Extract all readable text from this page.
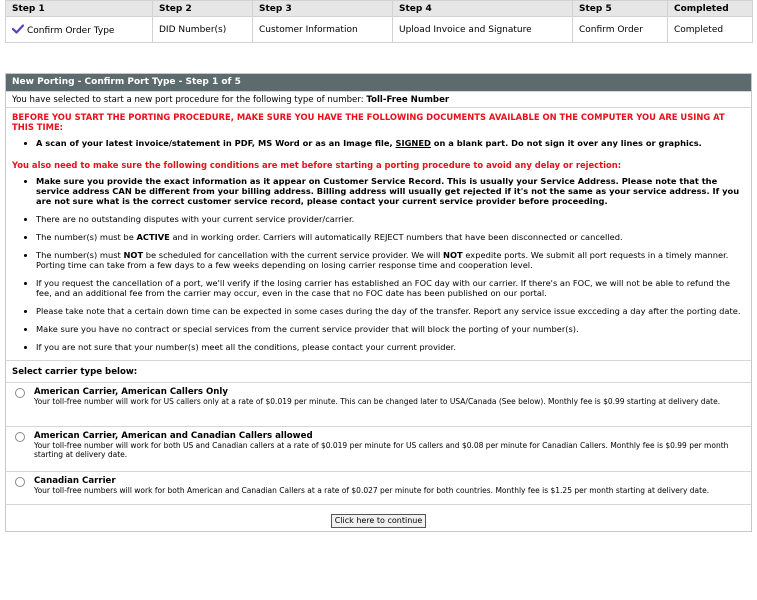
Step 1	Step 2	Step 3	Step 4	Step 5	Completed
Confirm Order Type	DID Number(s)	Customer Information	Upload Invoice and Signature	Confirm Order	Completed
New Porting - Confirm Port Type - Step 1 of 5
You have selected to start a new port procedure for the following type of number: Toll-Free Number

BEFORE YOU START THE PORTING PROCEDURE, MAKE SURE YOU HAVE THE FOLLOWING DOCUMENTS AVAILABLE ON THE COMPUTER YOU ARE USING AT THIS TIME:

• A scan of your latest invoice/statement in PDF, MS Word or as an Image file, SIGNED on a blank part. Do not sign it over any lines or graphics.

You also need to make sure the following conditions are met before starting a porting procedure to avoid any delay or rejection:

• Make sure you provide the exact information as it appear on Customer Service Record. This is usually your Service Address. Please note that the service address CAN be different from your billing address. Billing address will usually get rejected if it's not the same as your service address. If you are not sure what is the correct customer service record, please contact your current service provider before proceeding.
• There are no outstanding disputes with your current service provider/carrier.
• The number(s) must be ACTIVE and in working order. Carriers will automatically REJECT numbers that have been disconnected or cancelled.
• The number(s) must NOT be scheduled for cancellation with the current service provider. We will NOT expedite ports. We submit all port requests in a timely manner. Porting time can take from a few days to a few weeks depending on losing carrier response time and cooperation level.
• If you request the cancellation of a port, we'll verify if the losing carrier has established an FOC day with our carrier. If there's an FOC, we will not be able to refund the fee, and an additional fee from the carrier may occur, even in the case that no FOC date has been published on our portal.
• Please take note that a certain down time can be expected in some cases during the day of the transfer. Report any service issue excceding a day after the porting date.
• Make sure you have no contract or special services from the current service provider that will block the porting of your number(s).
• If you are not sure that your number(s) meet all the conditions, please contact your current provider.
Select carrier type below:
American Carrier, American Callers Only
Your toll-free number will work for US callers only at a rate of $0.019 per minute. This can be changed later to USA/Canada (See below). Monthly fee is $0.99 starting at delivery date.
American Carrier, American and Canadian Callers allowed
Your toll-free number will work for both US and Canadian callers at a rate of $0.019 per minute for US callers and $0.08 per minute for Canadian Callers. Monthly fee is $0.99 per month starting at delivery date.
Canadian Carrier
Your toll-free numbers will work for both American and Canadian Callers at a rate of $0.027 per minute for both countries. Monthly fee is $1.25 per month starting at delivery date.
Click here to continue
